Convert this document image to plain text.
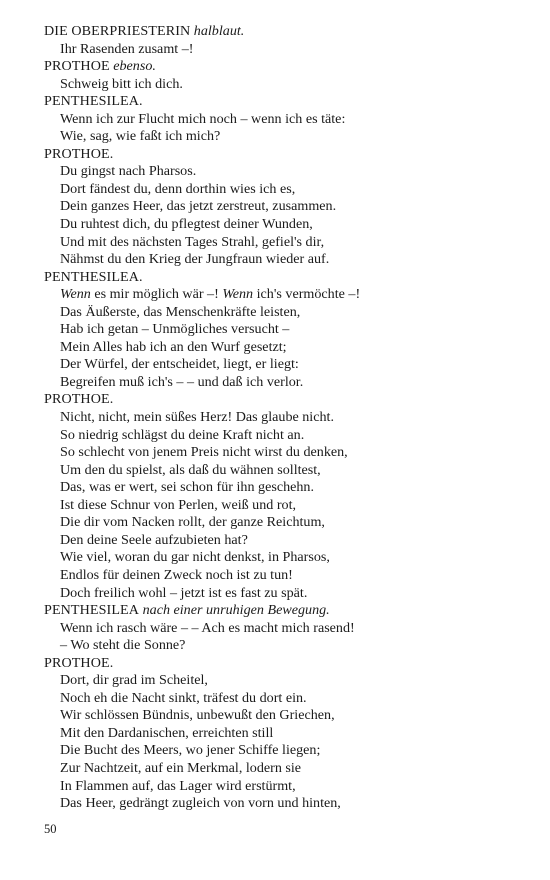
DIE OBERPRIESTERIN halblaut.
Ihr Rasenden zusamt –!
PROTHOE ebenso.
Schweig bitt ich dich.
PENTHESILEA.
Wenn ich zur Flucht mich noch – wenn ich es täte:
Wie, sag, wie faßt ich mich?
PROTHOE.
Du gingst nach Pharsos.
Dort fändest du, denn dorthin wies ich es,
Dein ganzes Heer, das jetzt zerstreut, zusammen.
Du ruhtest dich, du pflegtest deiner Wunden,
Und mit des nächsten Tages Strahl, gefiel's dir,
Nähmst du den Krieg der Jungfraun wieder auf.
PENTHESILEA.
Wenn es mir möglich wär –! Wenn ich's vermöchte –!
Das Äußerste, das Menschenkräfte leisten,
Hab ich getan – Unmögliches versucht –
Mein Alles hab ich an den Wurf gesetzt;
Der Würfel, der entscheidet, liegt, er liegt:
Begreifen muß ich's – – und daß ich verlor.
PROTHOE.
Nicht, nicht, mein süßes Herz! Das glaube nicht.
So niedrig schlägst du deine Kraft nicht an.
So schlecht von jenem Preis nicht wirst du denken,
Um den du spielst, als daß du wähnen solltest,
Das, was er wert, sei schon für ihn geschehn.
Ist diese Schnur von Perlen, weiß und rot,
Die dir vom Nacken rollt, der ganze Reichtum,
Den deine Seele aufzubieten hat?
Wie viel, woran du gar nicht denkst, in Pharsos,
Endlos für deinen Zweck noch ist zu tun!
Doch freilich wohl – jetzt ist es fast zu spät.
PENTHESILEA nach einer unruhigen Bewegung.
Wenn ich rasch wäre – – Ach es macht mich rasend!
– Wo steht die Sonne?
PROTHOE.
Dort, dir grad im Scheitel,
Noch eh die Nacht sinkt, träfest du dort ein.
Wir schlössen Bündnis, unbewußt den Griechen,
Mit den Dardanischen, erreichten still
Die Bucht des Meers, wo jener Schiffe liegen;
Zur Nachtzeit, auf ein Merkmal, lodern sie
In Flammen auf, das Lager wird erstürmt,
Das Heer, gedrängt zugleich von vorn und hinten,
50
